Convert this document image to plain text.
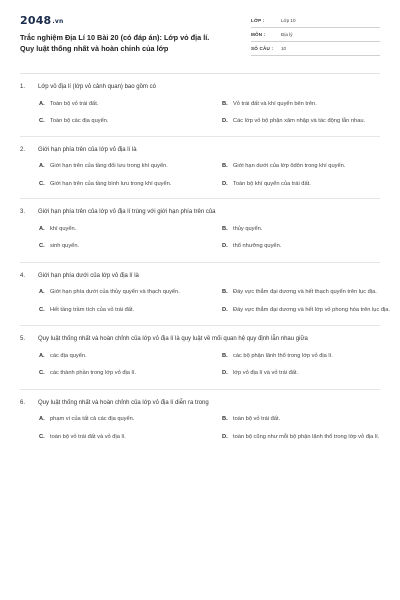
2048.vn
Trắc nghiệm Địa Lí 10 Bài 20 (có đáp án): Lớp vỏ địa lí.
Quy luật thống nhất và hoàn chỉnh của lớp
LỚP :	Lớp 10
MÔN :	Địa lý
SỐ CÂU :	10
1.	Lớp vỏ địa lí (lớp vỏ cảnh quan) bao gồm có
A. Toàn bộ vỏ trái đất.	B. Vỏ trái đất và khí quyển bên trên.
C. Toàn bộ các địa quyển.	D. Các lớp vỏ bộ phận xâm nhập và tác động lẫn nhau.
2.	Giới hạn phía trên của lớp vỏ địa lí là
A. Giới hạn trên của tầng đối lưu trong khí quyển.	B. Giới hạn dưới của lớp ôdôn trong khí quyển.
C. Giới hạn trên của tầng bình lưu trong khí quyển.	D. Toàn bộ khí quyển của trái đất.
3.	Giới hạn phía trên của lớp vỏ địa lí trùng với giới hạn phía trên của
A. khí quyển.	B. thủy quyển.
C. sinh quyển.	D. thổ nhưỡng quyển.
4.	Giới hạn phía dưới của lớp vỏ địa lí là
A. Giới hạn phía dưới của thủy quyển và thạch quyển.	B. Đáy vực thẳm đại dương và hết thạch quyển trên lục địa.
C. Hết tầng trầm tích của vỏ trái đất.	D. Đáy vực thẳm đại dương và hết lớp vỏ phong hóa trên lục địa.
5.	Quy luật thống nhất và hoàn chỉnh của lớp vỏ địa lí là quy luật về mối quan hệ quy định lẫn nhau giữa
A. các địa quyển.	B. các bộ phận lãnh thổ trong lớp vỏ địa lí.
C. các thành phần trong lớp vỏ địa lí.	D. lớp vỏ địa lí và vỏ trái đất.
6.	Quy luật thống nhất và hoàn chỉnh của lớp vỏ địa lí diễn ra trong
A. phạm vi của tất cả các địa quyển.	B. toàn bộ vỏ trái đất.
C. toàn bộ vỏ trái đất và vỏ địa lí.	D. toàn bộ cũng như mỗi bộ phận lãnh thổ trong lớp vỏ địa lí.
